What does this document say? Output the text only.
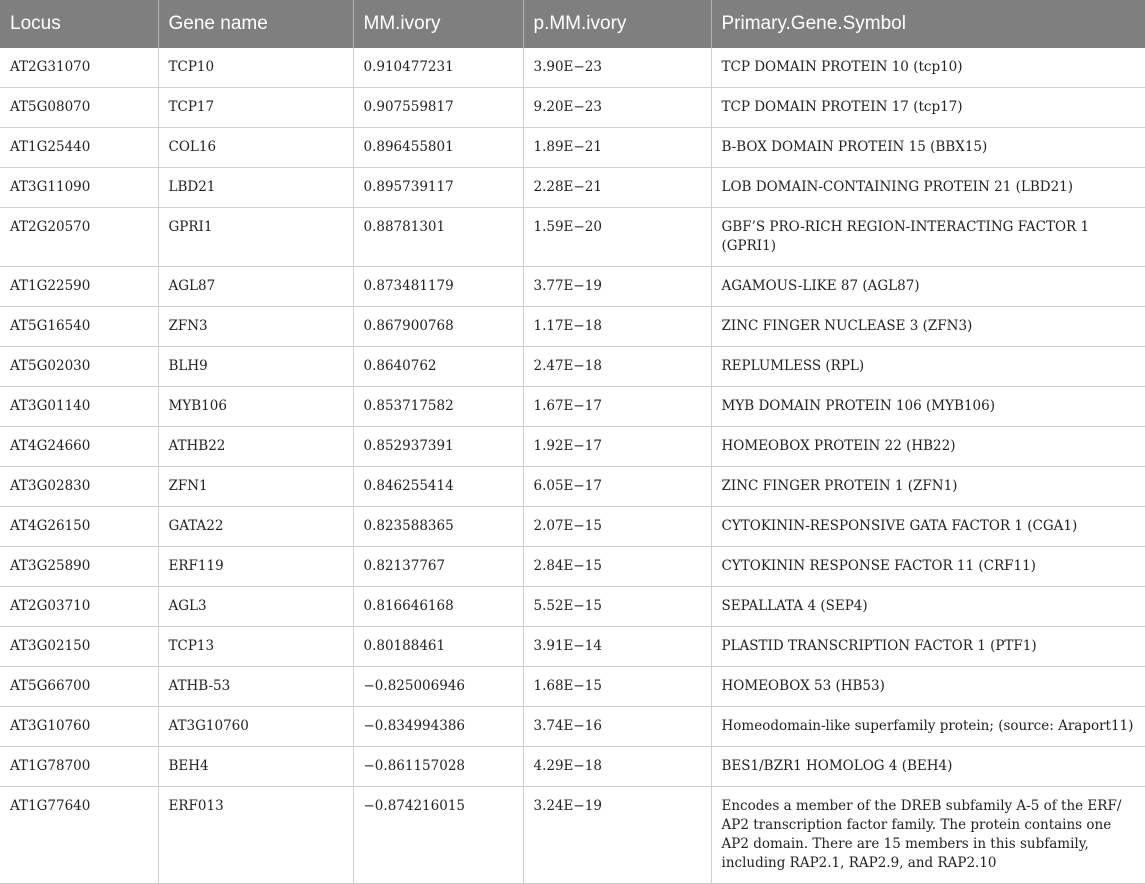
Locus	Gene name	MM.ivory	p.MM.ivory	Primary.Gene.Symbol
AT2G31070	TCP10	0.910477231	3.90E−23	TCP DOMAIN PROTEIN 10 (tcp10)
AT5G08070	TCP17	0.907559817	9.20E−23	TCP DOMAIN PROTEIN 17 (tcp17)
AT1G25440	COL16	0.896455801	1.89E−21	B-BOX DOMAIN PROTEIN 15 (BBX15)
AT3G11090	LBD21	0.895739117	2.28E−21	LOB DOMAIN-CONTAINING PROTEIN 21 (LBD21)
AT2G20570	GPRI1	0.88781301	1.59E−20	GBF’S PRO-RICH REGION-INTERACTING FACTOR 1 (GPRI1)
AT1G22590	AGL87	0.873481179	3.77E−19	AGAMOUS-LIKE 87 (AGL87)
AT5G16540	ZFN3	0.867900768	1.17E−18	ZINC FINGER NUCLEASE 3 (ZFN3)
AT5G02030	BLH9	0.8640762	2.47E−18	REPLUMLESS (RPL)
AT3G01140	MYB106	0.853717582	1.67E−17	MYB DOMAIN PROTEIN 106 (MYB106)
AT4G24660	ATHB22	0.852937391	1.92E−17	HOMEOBOX PROTEIN 22 (HB22)
AT3G02830	ZFN1	0.846255414	6.05E−17	ZINC FINGER PROTEIN 1 (ZFN1)
AT4G26150	GATA22	0.823588365	2.07E−15	CYTOKININ-RESPONSIVE GATA FACTOR 1 (CGA1)
AT3G25890	ERF119	0.82137767	2.84E−15	CYTOKININ RESPONSE FACTOR 11 (CRF11)
AT2G03710	AGL3	0.816646168	5.52E−15	SEPALLATA 4 (SEP4)
AT3G02150	TCP13	0.80188461	3.91E−14	PLASTID TRANSCRIPTION FACTOR 1 (PTF1)
AT5G66700	ATHB-53	−0.825006946	1.68E−15	HOMEOBOX 53 (HB53)
AT3G10760	AT3G10760	−0.834994386	3.74E−16	Homeodomain-like superfamily protein; (source: Araport11)
AT1G78700	BEH4	−0.861157028	4.29E−18	BES1/BZR1 HOMOLOG 4 (BEH4)
AT1G77640	ERF013	−0.874216015	3.24E−19	Encodes a member of the DREB subfamily A-5 of the ERF/ AP2 transcription factor family. The protein contains one AP2 domain. There are 15 members in this subfamily, including RAP2.1, RAP2.9, and RAP2.10
